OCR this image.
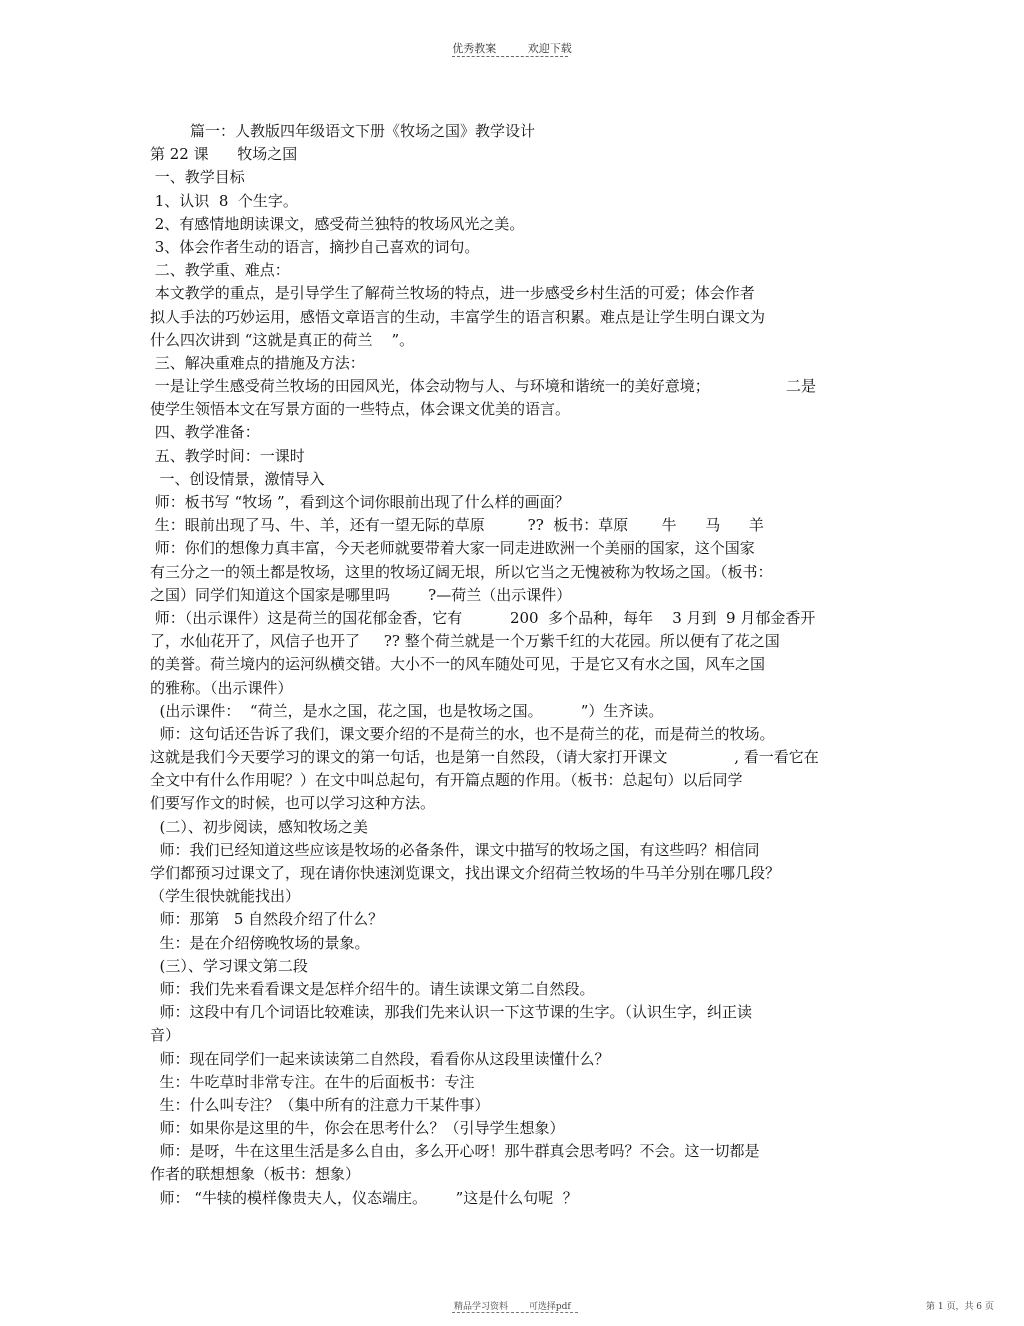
优秀教案	欢迎下载
篇一：人教版四年级语文下册《牧场之国》教学设计
第 22 课      牧场之国
一、教学目标
1、认识  8  个生字。
2、有感情地朗读课文，感受荷兰独特的牧场风光之美。
3、体会作者生动的语言，摘抄自己喜欢的词句。
二、教学重、难点：
本文教学的重点，是引导学生了解荷兰牧场的特点，进一步感受乡村生活的可爱；体会作者
拟人手法的巧妙运用，感悟文章语言的生动，丰富学生的语言积累。难点是让学生明白课文为
什么四次讲到 “这就是真正的荷兰    ”。
三、解决重难点的措施及方法：
一是让学生感受荷兰牧场的田园风光，体会动物与人、与环境和谐统一的美好意境；                二是
使学生领悟本文在写景方面的一些特点，体会课文优美的语言。
四、教学准备：
五、教学时间：一课时
一、创设情景，激情导入
师：板书写 “牧场 ”，看到这个词你眼前出现了什么样的画面？
生：眼前出现了马、牛、羊，还有一望无际的草原         ??  板书：草原       牛      马      羊
师：你们的想像力真丰富，今天老师就要带着大家一同走进欧洲一个美丽的国家，这个国家
有三分之一的领土都是牧场，这里的牧场辽阔无垠，所以它当之无愧被称为牧场之国。（板书：
之国）同学们知道这个国家是哪里吗        ?—荷兰（出示课件）
师：（出示课件）这是荷兰的国花郁金香，它有          200  多个品种，每年    3 月到  9 月郁金香开
了，水仙花开了，风信子也开了     ?? 整个荷兰就是一个万紫千红的大花园。所以便有了花之国
的美誉。荷兰境内的运河纵横交错。大小不一的风车随处可见，于是它又有水之国，风车之国
的雅称。（出示课件）
(出示课件：  “荷兰，是水之国，花之国，也是牧场之国。        ”）生齐读。
师：这句话还告诉了我们，课文要介绍的不是荷兰的水，也不是荷兰的花，而是荷兰的牧场。
这就是我们今天要学习的课文的第一句话，也是第一自然段，（请大家打开课文              , 看一看它在
全文中有什么作用呢？）在文中叫总起句，有开篇点题的作用。（板书：总起句）以后同学
们要写作文的时候，也可以学习这种方法。
(二）、初步阅读，感知牧场之美
师：我们已经知道这些应该是牧场的必备条件，课文中描写的牧场之国，有这些吗？相信同
学们都预习过课文了，现在请你快速浏览课文，找出课文介绍荷兰牧场的牛马羊分别在哪几段？
（学生很快就能找出）
师：那第   5 自然段介绍了什么？
生：是在介绍傍晚牧场的景象。
(三）、学习课文第二段
师：我们先来看看课文是怎样介绍牛的。请生读课文第二自然段。
师：这段中有几个词语比较难读，那我们先来认识一下这节课的生字。（认识生字，纠正读
音）
师：现在同学们一起来读读第二自然段，看看你从这段里读懂什么？
生：牛吃草时非常专注。在牛的后面板书：专注
生：什么叫专注？（集中所有的注意力干某件事）
师：如果你是这里的牛，你会在思考什么？（引导学生想象）
师：是呀，牛在这里生活是多么自由，多么开心呀！那牛群真会思考吗？不会。这一切都是
作者的联想想象（板书：想象）
师： “牛犊的模样像贵夫人，仪态端庄。      ”这是什么句呢  ？
精品学习资料 可选择pdf	第 1 页，共 6 页
